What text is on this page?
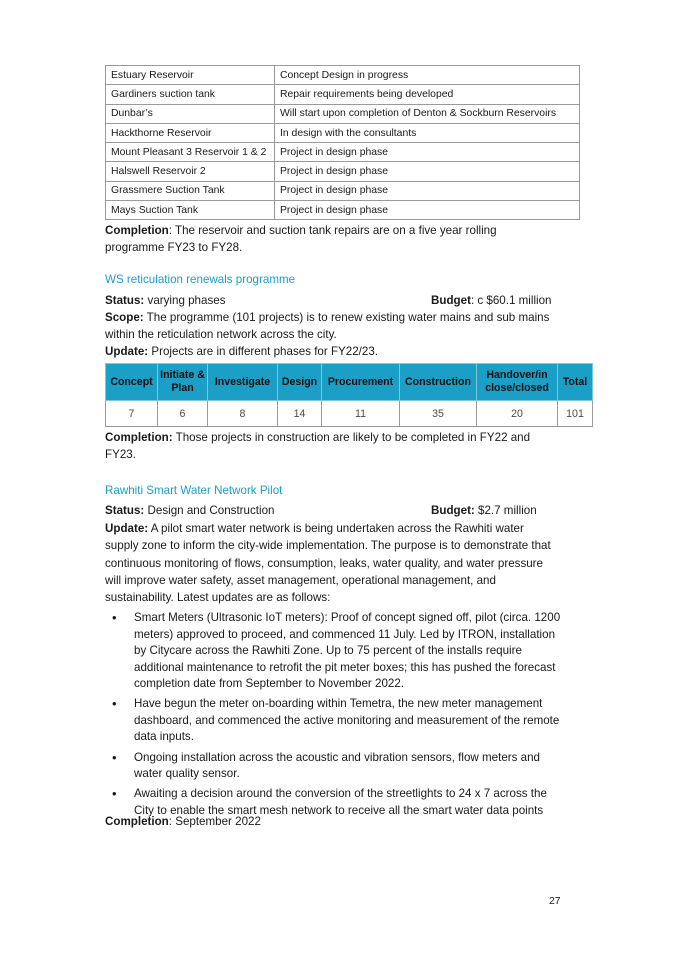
Estuary Reservoir	Concept Design in progress
Gardiners suction tank	Repair requirements being developed
Dunbar’s	Will start upon completion of Denton & Sockburn Reservoirs
Hackthorne Reservoir	In design with the consultants
Mount Pleasant 3 Reservoir 1 & 2	Project in design phase
Halswell Reservoir 2	Project in design phase
Grassmere Suction Tank	Project in design phase
Mays Suction Tank	Project in design phase

Completion: The reservoir and suction tank repairs are on a five year rolling programme FY23 to FY28.

WS reticulation renewals programme

Status: varying phases	Budget: c $60.1 million

Scope: The programme (101 projects) is to renew existing water mains and sub mains within the reticulation network across the city.

Update: Projects are in different phases for FY22/23.

Concept	Initiate & Plan	Investigate	Design	Procurement	Construction	Handover/in close/closed	Total
7	6	8	14	11	35	20	101

Completion: Those projects in construction are likely to be completed in FY22 and FY23.

Rawhiti Smart Water Network Pilot

Status: Design and Construction	Budget: $2.7 million

Update: A pilot smart water network is being undertaken across the Rawhiti water supply zone to inform the city-wide implementation. The purpose is to demonstrate that continuous monitoring of flows, consumption, leaks, water quality, and water pressure will improve water safety, asset management, operational management, and sustainability. Latest updates are as follows:

• Smart Meters (Ultrasonic IoT meters): Proof of concept signed off, pilot (circa. 1200 meters) approved to proceed, and commenced 11 July. Led by ITRON, installation by Citycare across the Rawhiti Zone. Up to 75 percent of the installs require additional maintenance to retrofit the pit meter boxes; this has pushed the forecast completion date from September to November 2022.
• Have begun the meter on-boarding within Temetra, the new meter management dashboard, and commenced the active monitoring and measurement of the remote data inputs.
• Ongoing installation across the acoustic and vibration sensors, flow meters and water quality sensor.
• Awaiting a decision around the conversion of the streetlights to 24 x 7 across the City to enable the smart mesh network to receive all the smart water data points

Completion: September 2022

27
